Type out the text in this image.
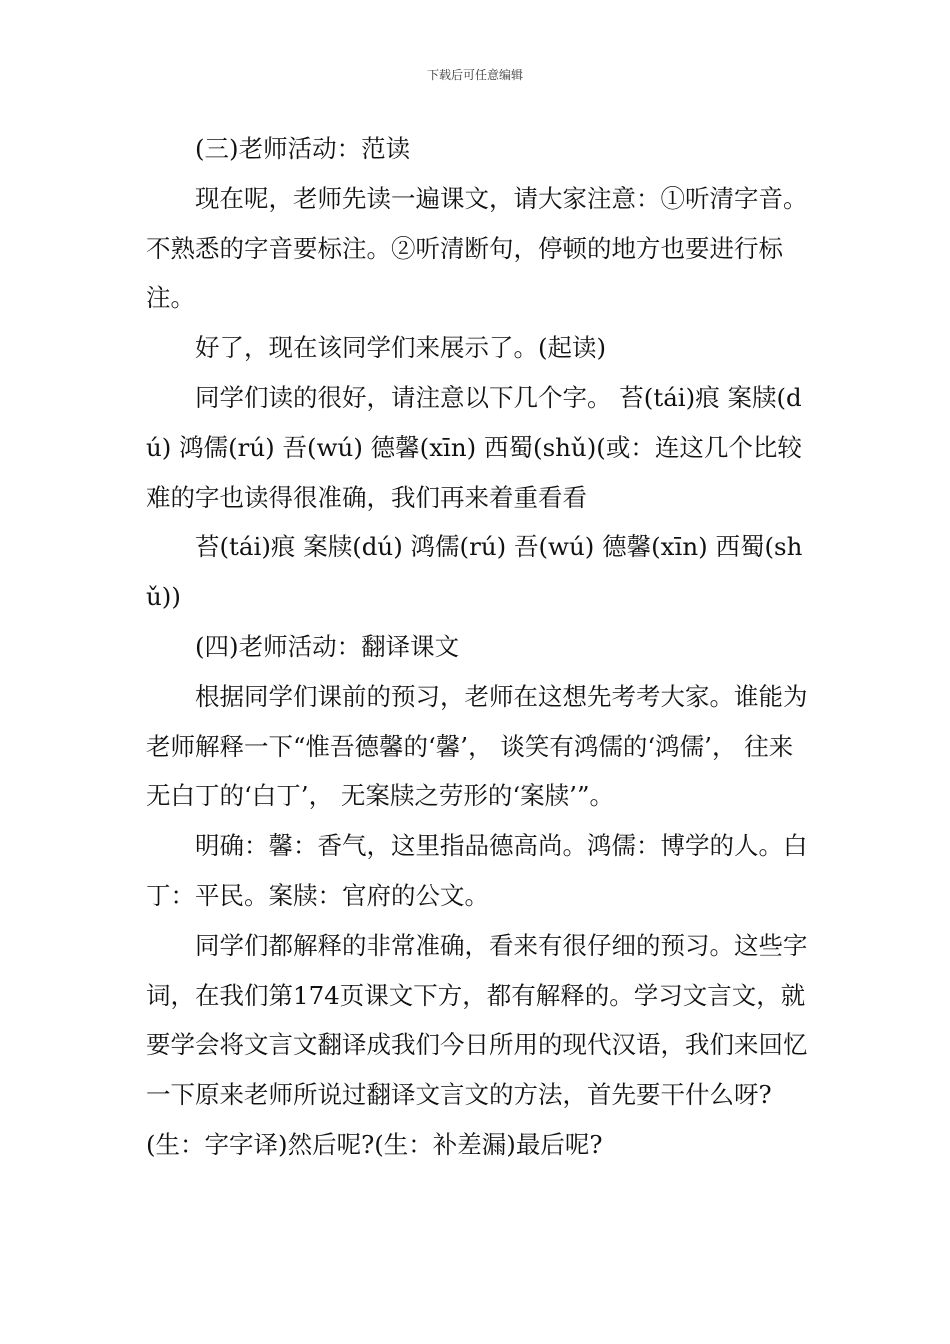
下载后可任意编辑

(三)老师活动：范读

现在呢，老师先读一遍课文，请大家注意：①听清字音。不熟悉的字音要标注。②听清断句，停顿的地方也要进行标注。

好了，现在该同学们来展示了。(起读)

同学们读的很好，请注意以下几个字。 苔(tái)痕 案牍(dú) 鸿儒(rú) 吾(wú) 德馨(xīn) 西蜀(shǔ)(或：连这几个比较难的字也读得很准确，我们再来着重看看

苔(tái)痕 案牍(dú) 鸿儒(rú) 吾(wú) 德馨(xīn) 西蜀(shǔ))

(四)老师活动：翻译课文

根据同学们课前的预习，老师在这想先考考大家。谁能为老师解释一下“惟吾德馨的‘馨’， 谈笑有鸿儒的‘鸿儒’， 往来无白丁的‘白丁’， 无案牍之劳形的‘案牍’”。

明确：馨：香气，这里指品德高尚。鸿儒：博学的人。白丁：平民。案牍：官府的公文。

同学们都解释的非常准确，看来有很仔细的预习。这些字词，在我们第174页课文下方，都有解释的。学习文言文，就要学会将文言文翻译成我们今日所用的现代汉语，我们来回忆一下原来老师所说过翻译文言文的方法，首先要干什么呀?(生：字字译)然后呢?(生：补差漏)最后呢?
